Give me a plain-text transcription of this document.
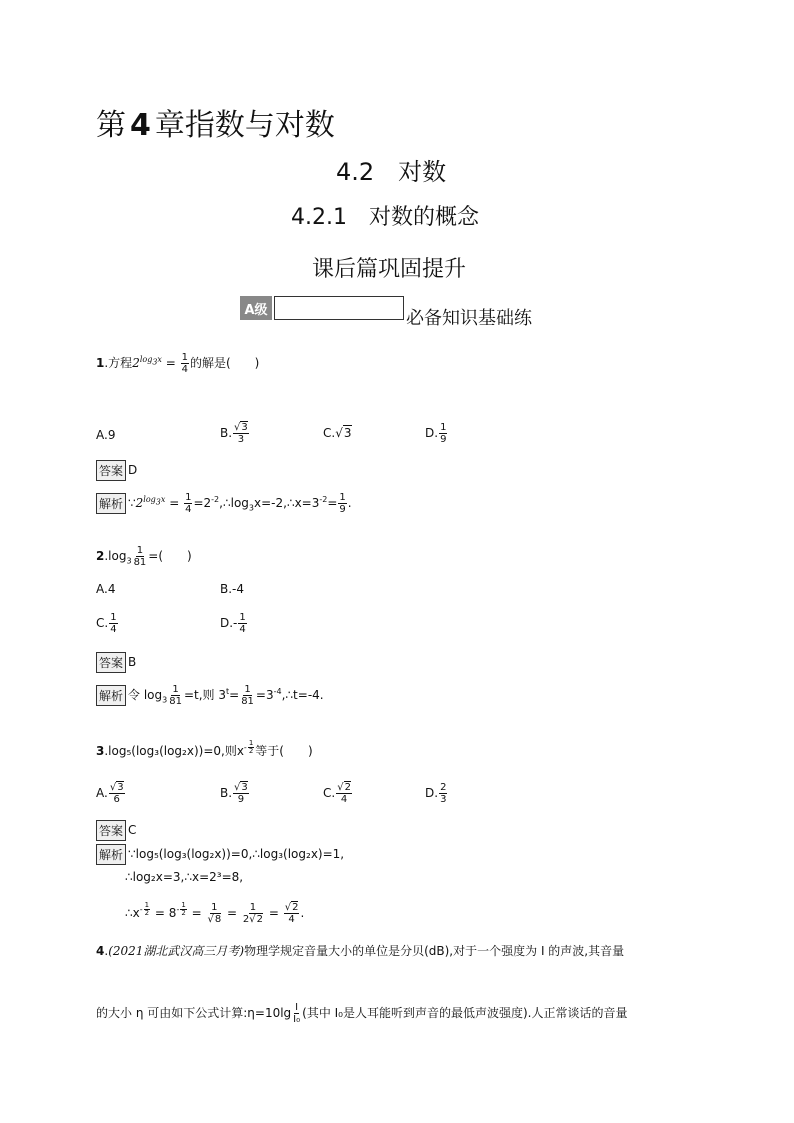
第 4 章指数与对数
4.2　对数
4.2.1　对数的概念
课后篇巩固提升
A级	必备知识基础练
1.方程$2^{log_3x} = \frac{1}{4}$ 的解是(　　)
A.9	B. √ $\frac{3}{3}$	C. √ 3	D. $\frac{1}{9}$
答案 D
解析 $\because 2^{log_3x} = \frac{1}{4}$ $=2^{-2},\therefore\log_3x=-2,\therefore x=3^{-2}= \frac{1}{9}$ .
$2.\log_3 \frac{1}{81}$ =(　　)
A.4	B.-4
C. $\frac{1}{4}$	$D.- \frac{1}{4}$
答案 B
解析 令 $\log_3 \frac{1}{81} =t$,则 $3^t= \frac{1}{81}$ $=3^{-4},\therefore t=-4$.
3.log₅(log₃(log₂x))=0,则$x^{- \frac{1}{2}}$ 等于(　　)
A. √ $\frac{3}{6}$	B. √ $\frac{3}{9}$	C. √ $\frac{2}{4}$	D. $\frac{2}{3}$
答案 C
解析 ∵log₅(log₃(log₂x))=0,∴log₃(log₂x)=1,
∴log₂x=3,∴x=2³=8,
$\therefore x^{- \frac{1}{2}} = 8^{- \frac{1}{2}} = 1$
√ $8 = \frac{1}{2 √ 2}$ = √ $\frac{2}{4}$ .
4.(2021湖北武汉高三月考)物理学规定音量大小的单位是分贝(dB),对于一个强度为 I 的声波,其音量
的大小 η 可由如下公式计算:η=10lg $\frac{I}{\text{I₀}}$ (其中 I₀是人耳能听到声音的最低声波强度).人正常谈话的音量
